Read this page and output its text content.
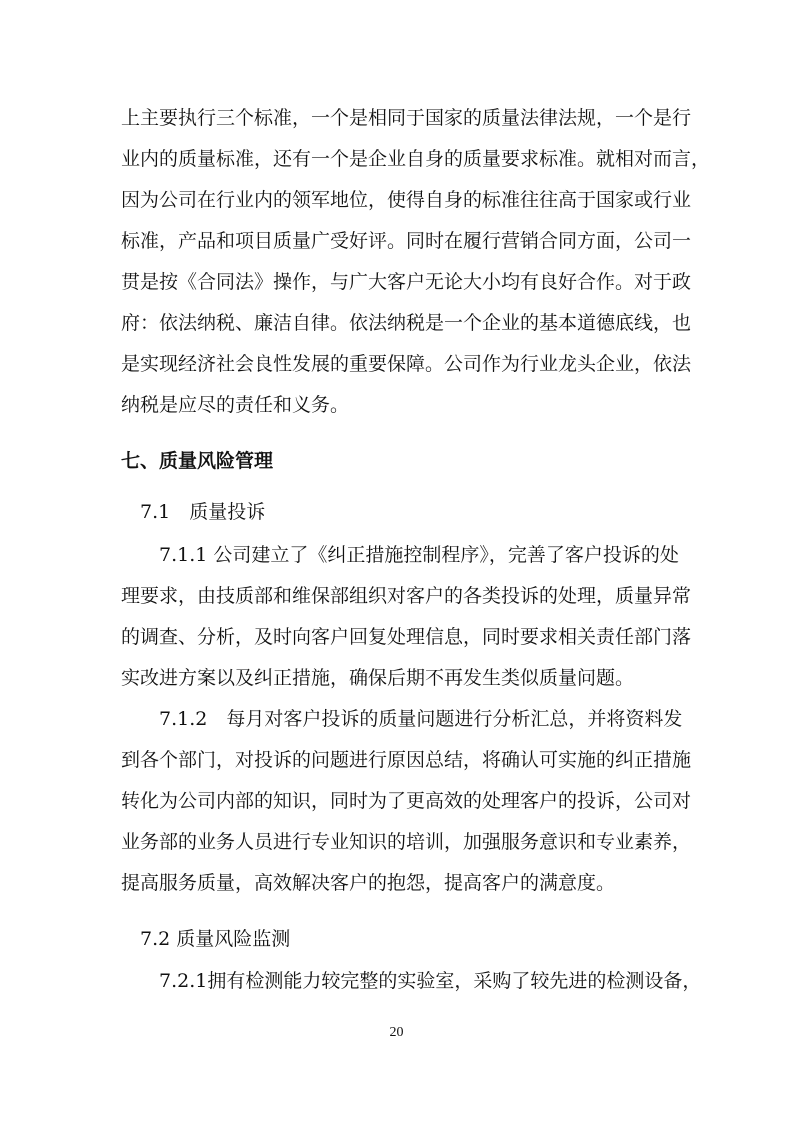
上主要执行三个标准，一个是相同于国家的质量法律法规，一个是行
业内的质量标准，还有一个是企业自身的质量要求标准。就相对而言，
因为公司在行业内的领军地位，使得自身的标准往往高于国家或行业
标准，产品和项目质量广受好评。同时在履行营销合同方面，公司一
贯是按《合同法》操作，与广大客户无论大小均有良好合作。对于政
府：依法纳税、廉洁自律。依法纳税是一个企业的基本道德底线，也
是实现经济社会良性发展的重要保障。公司作为行业龙头企业，依法
纳税是应尽的责任和义务。
七、质量风险管理
7.1　质量投诉
7.1.1 公司建立了《纠正措施控制程序》，完善了客户投诉的处
理要求，由技质部和维保部组织对客户的各类投诉的处理，质量异常
的调查、分析，及时向客户回复处理信息，同时要求相关责任部门落
实改进方案以及纠正措施，确保后期不再发生类似质量问题。
7.1.2　每月对客户投诉的质量问题进行分析汇总，并将资料发
到各个部门，对投诉的问题进行原因总结，将确认可实施的纠正措施
转化为公司内部的知识，同时为了更高效的处理客户的投诉，公司对
业务部的业务人员进行专业知识的培训，加强服务意识和专业素养，
提高服务质量，高效解决客户的抱怨，提高客户的满意度。
7.2 质量风险监测
7.2.1拥有检测能力较完整的实验室，采购了较先进的检测设备，
20
